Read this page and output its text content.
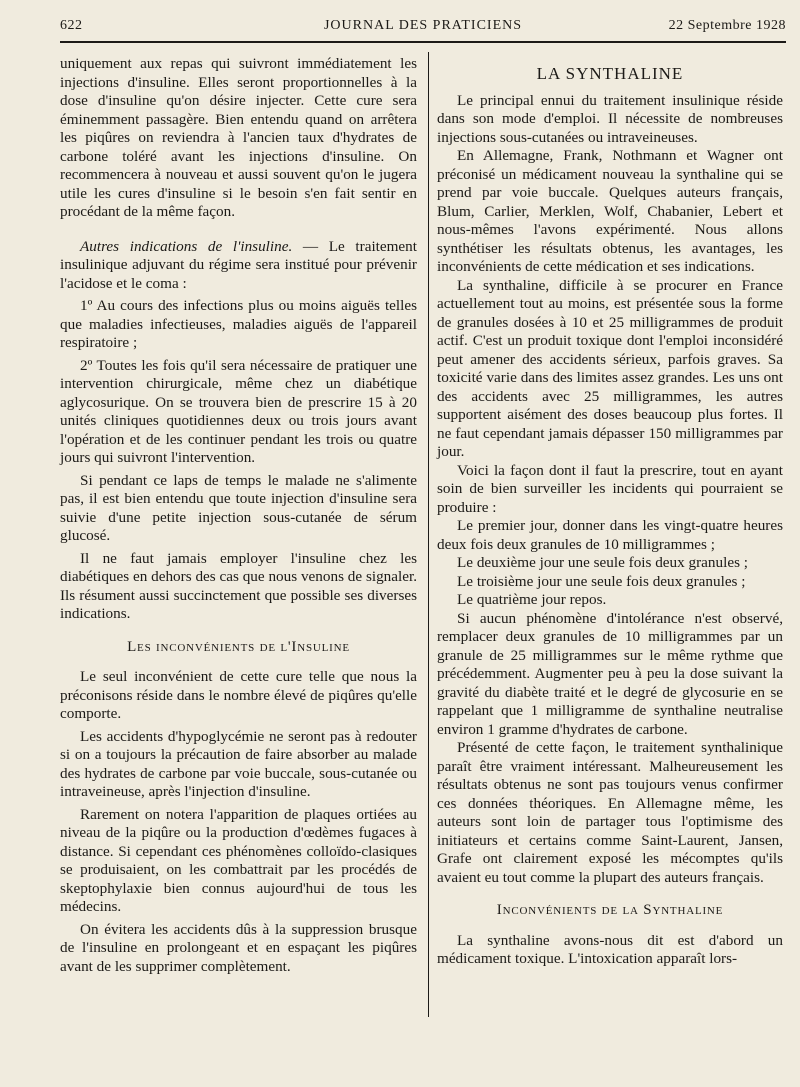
622	JOURNAL DES PRATICIENS	22 Septembre 1928

uniquement aux repas qui suivront immédiatement les injections d'insuline. Elles seront proportionnelles à la dose d'insuline qu'on désire injecter. Cette cure sera éminemment passagère. Bien entendu quand on arrêtera les piqûres on reviendra à l'ancien taux d'hydrates de carbone toléré avant les injections d'insuline. On recommencera à nouveau et aussi souvent qu'on le jugera utile les cures d'insuline si le besoin s'en fait sentir en procédant de la même façon.

Autres indications de l'insuline. — Le traitement insulinique adjuvant du régime sera institué pour prévenir l'acidose et le coma :

1º Au cours des infections plus ou moins aiguës telles que maladies infectieuses, maladies aiguës de l'appareil respiratoire ;

2º Toutes les fois qu'il sera nécessaire de pratiquer une intervention chirurgicale, même chez un diabétique aglycosurique. On se trouvera bien de prescrire 15 à 20 unités cliniques quotidiennes deux ou trois jours avant l'opération et de les continuer pendant les trois ou quatre jours qui suivront l'intervention.

Si pendant ce laps de temps le malade ne s'alimente pas, il est bien entendu que toute injection d'insuline sera suivie d'une petite injection sous-cutanée de sérum glucosé.

Il ne faut jamais employer l'insuline chez les diabétiques en dehors des cas que nous venons de signaler. Ils résument aussi succinctement que possible ses diverses indications.

Les inconvénients de l'Insuline

Le seul inconvénient de cette cure telle que nous la préconisons réside dans le nombre élevé de piqûres qu'elle comporte.

Les accidents d'hypoglycémie ne seront pas à redouter si on a toujours la précaution de faire absorber au malade des hydrates de carbone par voie buccale, sous-cutanée ou intraveineuse, après l'injection d'insuline.

Rarement on notera l'apparition de plaques ortiées au niveau de la piqûre ou la production d'œdèmes fugaces à distance. Si cependant ces phénomènes colloïdo-clasiques se produisaient, on les combattrait par les procédés de skeptophylaxie bien connus aujourd'hui de tous les médecins.

On évitera les accidents dûs à la suppression brusque de l'insuline en prolongeant et en espaçant les piqûres avant de les supprimer complètement.

LA SYNTHALINE

Le principal ennui du traitement insulinique réside dans son mode d'emploi. Il nécessite de nombreuses injections sous-cutanées ou intraveineuses.

En Allemagne, Frank, Nothmann et Wagner ont préconisé un médicament nouveau la synthaline qui se prend par voie buccale. Quelques auteurs français, Blum, Carlier, Merklen, Wolf, Chabanier, Lebert et nous-mêmes l'avons expérimenté. Nous allons synthétiser les résultats obtenus, les avantages, les inconvénients de cette médication et ses indications.

La synthaline, difficile à se procurer en France actuellement tout au moins, est présentée sous la forme de granules dosées à 10 et 25 milligrammes de produit actif. C'est un produit toxique dont l'emploi inconsidéré peut amener des accidents sérieux, parfois graves. Sa toxicité varie dans des limites assez grandes. Les uns ont des accidents avec 25 milligrammes, les autres supportent aisément des doses beaucoup plus fortes. Il ne faut cependant jamais dépasser 150 milligrammes par jour.

Voici la façon dont il faut la prescrire, tout en ayant soin de bien surveiller les incidents qui pourraient se produire :

Le premier jour, donner dans les vingt-quatre heures deux fois deux granules de 10 milligrammes ;

Le deuxième jour une seule fois deux granules ;

Le troisième jour une seule fois deux granules ;

Le quatrième jour repos.

Si aucun phénomène d'intolérance n'est observé, remplacer deux granules de 10 milligrammes par un granule de 25 milligrammes sur le même rythme que précédemment. Augmenter peu à peu la dose suivant la gravité du diabète traité et le degré de glycosurie en se rappelant que 1 milligramme de synthaline neutralise environ 1 gramme d'hydrates de carbone.

Présenté de cette façon, le traitement synthalinique paraît être vraiment intéressant. Malheureusement les résultats obtenus ne sont pas toujours venus confirmer ces données théoriques. En Allemagne même, les auteurs sont loin de partager tous l'optimisme des initiateurs et certains comme Saint-Laurent, Jansen, Grafe ont clairement exposé les mécomptes qu'ils avaient eu tout comme la plupart des auteurs français.

Inconvénients de la Synthaline

La synthaline avons-nous dit est d'abord un médicament toxique. L'intoxication apparaît lors-
